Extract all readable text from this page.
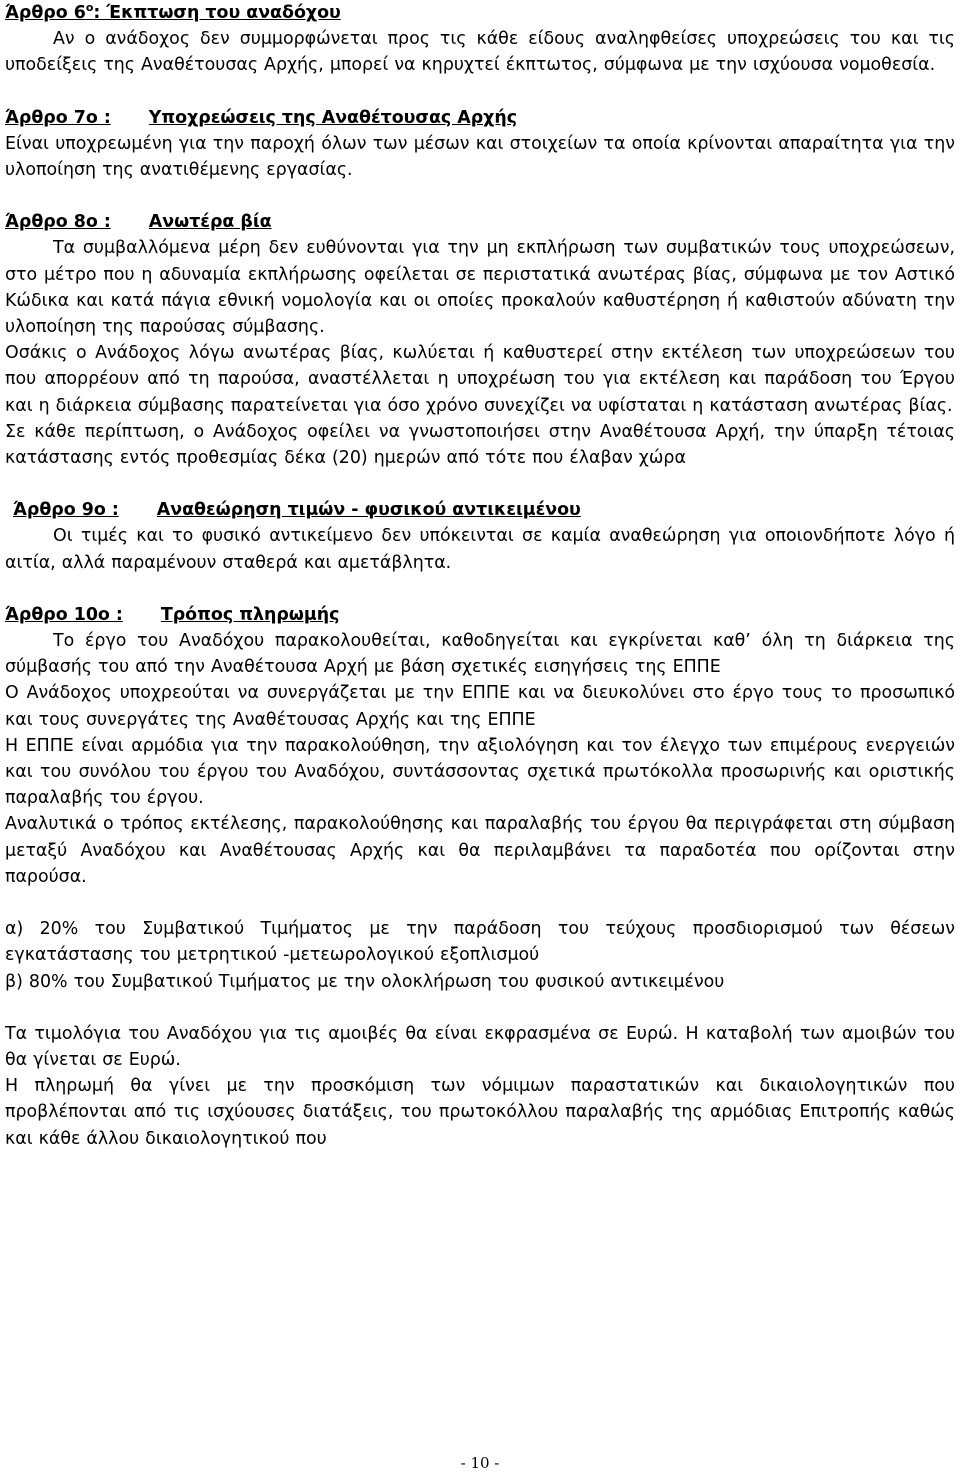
Άρθρο $6^o$: Έκπτωση του αναδόχου

Αν ο ανάδοχος δεν συμμορφώνεται προς τις κάθε είδους αναληφθείσες υποχρεώσεις του και τις υποδείξεις της Αναθέτουσας Αρχής, μπορεί να κηρυχτεί έκπτωτος, σύμφωνα με την ισχύουσα νομοθεσία.

Άρθρο 7ο : Υποχρεώσεις της Αναθέτουσας Αρχής

Είναι υποχρεωμένη για την παροχή όλων των μέσων και στοιχείων τα οποία κρίνονται απαραίτητα για την υλοποίηση της ανατιθέμενης εργασίας.

Άρθρο 8ο : Ανωτέρα βία

Τα συμβαλλόμενα μέρη δεν ευθύνονται για την μη εκπλήρωση των συμβατικών τους υποχρεώσεων, στο μέτρο που η αδυναμία εκπλήρωσης οφείλεται σε περιστατικά ανωτέρας βίας, σύμφωνα με τον Αστικό Κώδικα και κατά πάγια εθνική νομολογία και οι οποίες προκαλούν καθυστέρηση ή καθιστούν αδύνατη την υλοποίηση της παρούσας σύμβασης.

Οσάκις ο Ανάδοχος λόγω ανωτέρας βίας, κωλύεται ή καθυστερεί στην εκτέλεση των υποχρεώσεων του που απορρέουν από τη παρούσα, αναστέλλεται η υποχρέωση του για εκτέλεση και παράδοση του Έργου και η διάρκεια σύμβασης παρατείνεται για όσο χρόνο συνεχίζει να υφίσταται η κατάσταση ανωτέρας βίας.

Σε κάθε περίπτωση, ο Ανάδοχος οφείλει να γνωστοποιήσει στην Αναθέτουσα Αρχή, την ύπαρξη τέτοιας κατάστασης εντός προθεσμίας δέκα (20) ημερών από τότε που έλαβαν χώρα

Άρθρο 9ο : Αναθεώρηση τιμών - φυσικού αντικειμένου

Οι τιμές και το φυσικό αντικείμενο δεν υπόκεινται σε καμία αναθεώρηση για οποιονδήποτε λόγο ή αιτία, αλλά παραμένουν σταθερά και αμετάβλητα.

Άρθρο 10ο : Τρόπος πληρωμής

Το έργο του Αναδόχου παρακολουθείται, καθοδηγείται και εγκρίνεται καθ’ όλη τη διάρκεια της σύμβασής του από την Αναθέτουσα Αρχή με βάση σχετικές εισηγήσεις της ΕΠΠΕ

Ο Ανάδοχος υποχρεούται να συνεργάζεται με την ΕΠΠΕ και να διευκολύνει στο έργο τους το προσωπικό και τους συνεργάτες της Αναθέτουσας Αρχής και της ΕΠΠΕ

Η ΕΠΠΕ είναι αρμόδια για την παρακολούθηση, την αξιολόγηση και τον έλεγχο των επιμέρους ενεργειών και του συνόλου του έργου του Αναδόχου, συντάσσοντας σχετικά πρωτόκολλα προσωρινής και οριστικής παραλαβής του έργου.

Αναλυτικά ο τρόπος εκτέλεσης, παρακολούθησης και παραλαβής του έργου θα περιγράφεται στη σύμβαση μεταξύ Αναδόχου και Αναθέτουσας Αρχής και θα περιλαμβάνει τα παραδοτέα που ορίζονται στην παρούσα.

α) 20% του Συμβατικού Τιμήματος με την παράδοση του τεύχους προσδιορισμού των θέσεων εγκατάστασης του μετρητικού -μετεωρολογικού εξοπλισμού

β) 80% του Συμβατικού Τιμήματος με την ολοκλήρωση του φυσικού αντικειμένου

Τα τιμολόγια του Αναδόχου για τις αμοιβές θα είναι εκφρασμένα σε Ευρώ. Η καταβολή των αμοιβών του θα γίνεται σε Ευρώ.

Η πληρωμή θα γίνει με την προσκόμιση των νόμιμων παραστατικών και δικαιολογητικών που προβλέπονται από τις ισχύουσες διατάξεις, του πρωτοκόλλου παραλαβής της αρμόδιας Επιτροπής καθώς και κάθε άλλου δικαιολογητικού που

- 10 -
